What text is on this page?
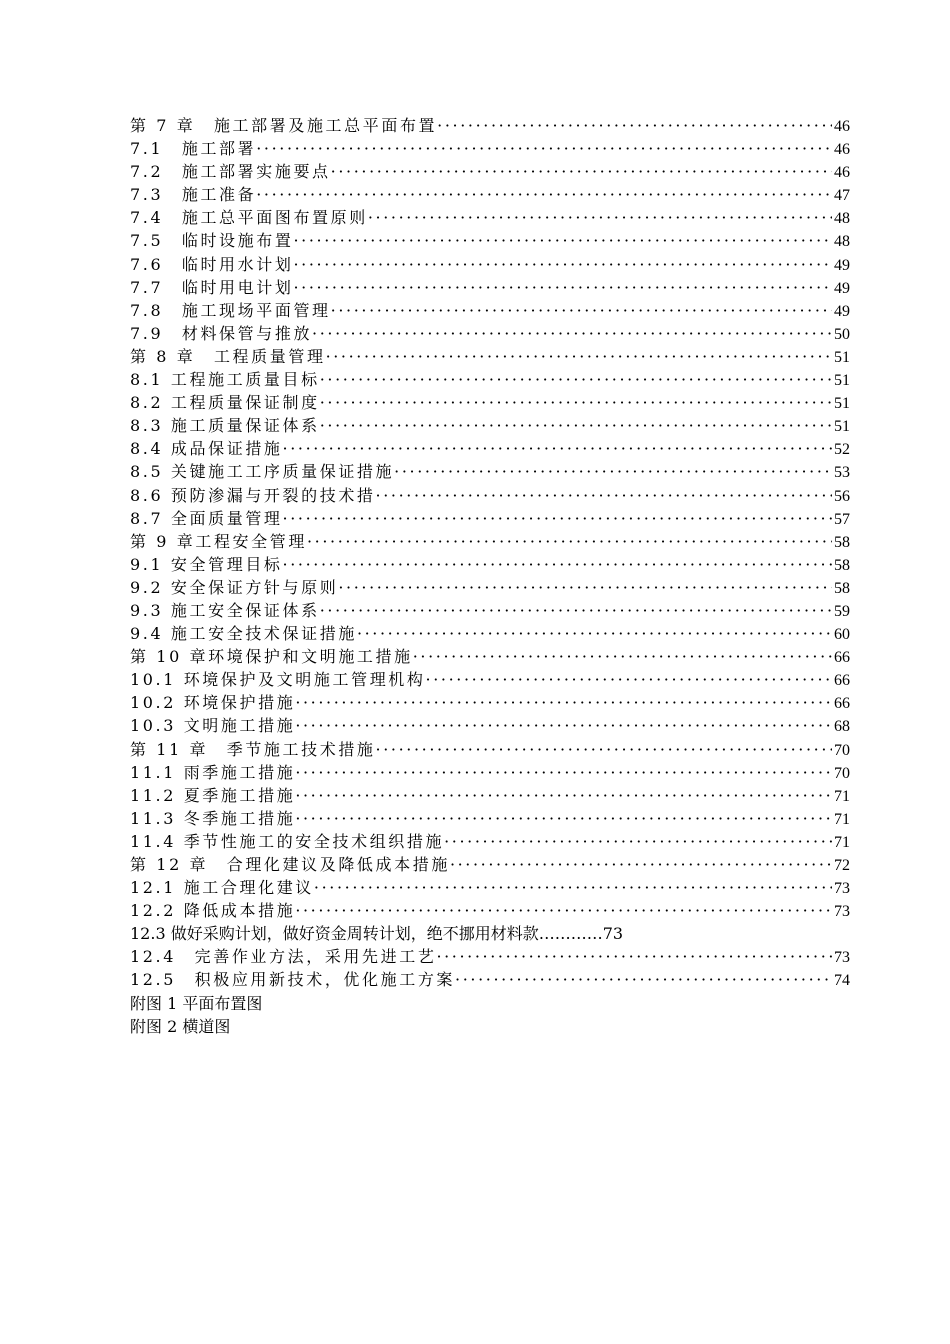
第 7 章　施工部署及施工总平面布置 ·····	46
7.1　施工部署 ·····	46
7.2　施工部署实施要点 ·····	46
7.3　施工准备 ·····	47
7.4　施工总平面图布置原则 ·····	48
7.5　临时设施布置 ·····	48
7.6　临时用水计划 ·····	49
7.7　临时用电计划 ·····	49
7.8　施工现场平面管理 ·····	49
7.9　材料保管与推放 ·····	50
第 8 章　工程质量管理 ·····	51
8.1 工程施工质量目标 ·····	51
8.2 工程质量保证制度 ·····	51
8.3 施工质量保证体系 ·····	51
8.4 成品保证措施 ·····	52
8.5 关键施工工序质量保证措施 ·····	53
8.6 预防渗漏与开裂的技术措 ·····	56
8.7 全面质量管理 ·····	57
第 9 章工程安全管理 ·····	58
9.1 安全管理目标 ·····	58
9.2 安全保证方针与原则 ·····	58
9.3 施工安全保证体系 ·····	59
9.4 施工安全技术保证措施 ·····	60
第 10 章环境保护和文明施工措施 ·····	66
10.1 环境保护及文明施工管理机构 ·····	66
10.2 环境保护措施 ·····	66
10.3 文明施工措施 ·····	68
第 11 章　季节施工技术措施 ·····	70
11.1 雨季施工措施 ·····	70
11.2 夏季施工措施 ·····	71
11.3 冬季施工措施 ·····	71
11.4 季节性施工的安全技术组织措施 ·····	71
第 12 章　合理化建议及降低成本措施 ·····	72
12.1 施工合理化建议 ·····	73
12.2 降低成本措施 ·····	73
12.3 做好采购计划，做好资金周转计划，绝不挪用材料款…………73
12.4　完善作业方法，采用先进工艺 ·····	73
12.5　积极应用新技术，优化施工方案 ·····	74
附图 1 平面布置图
附图 2 横道图
